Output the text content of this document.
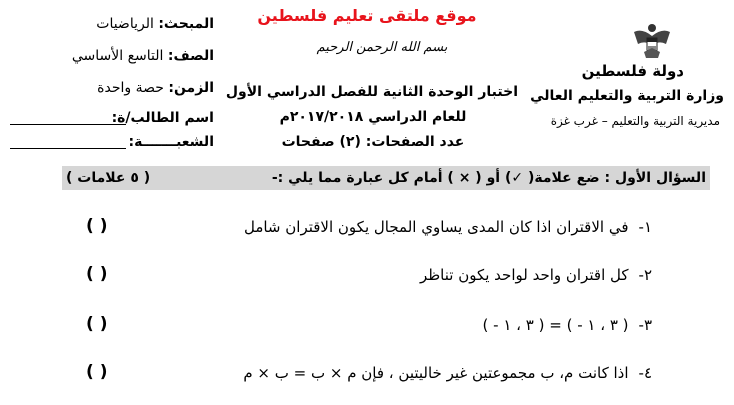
موقع ملتقى تعليم فلسطين
بسم الله الرحمن الرحيم
دولة فلسطين
وزارة التربية والتعليم العالي
مديرية التربية والتعليم – غرب غزة
اختبار الوحدة الثانية للفصل الدراسي الأول
للعام الدراسي ٢٠١٧/٢٠١٨م
عدد الصفحات: (٢) صفحات
المبحث: الرياضيات
الصف: التاسع الأساسي
الزمن: حصة واحدة
اسم الطالب/ة:
الشعبـــــــة:
السؤال الأول : ضع علامة( ✓) أو ( × ) أمام كل عبارة مما يلي :-
( ٥ علامات )
١-في الاقتران اذا كان المدى يساوي المجال يكون الاقتران شامل
( )
٢-كل اقتران واحد لواحد يكون تناظر
( )
٣-( ٣ ، ١ - ) = ( ٣ ، ١ - )
( )
٤-اذا كانت م، ب مجموعتين غير خاليتين ، فإن م × ب = ب × م
( )
